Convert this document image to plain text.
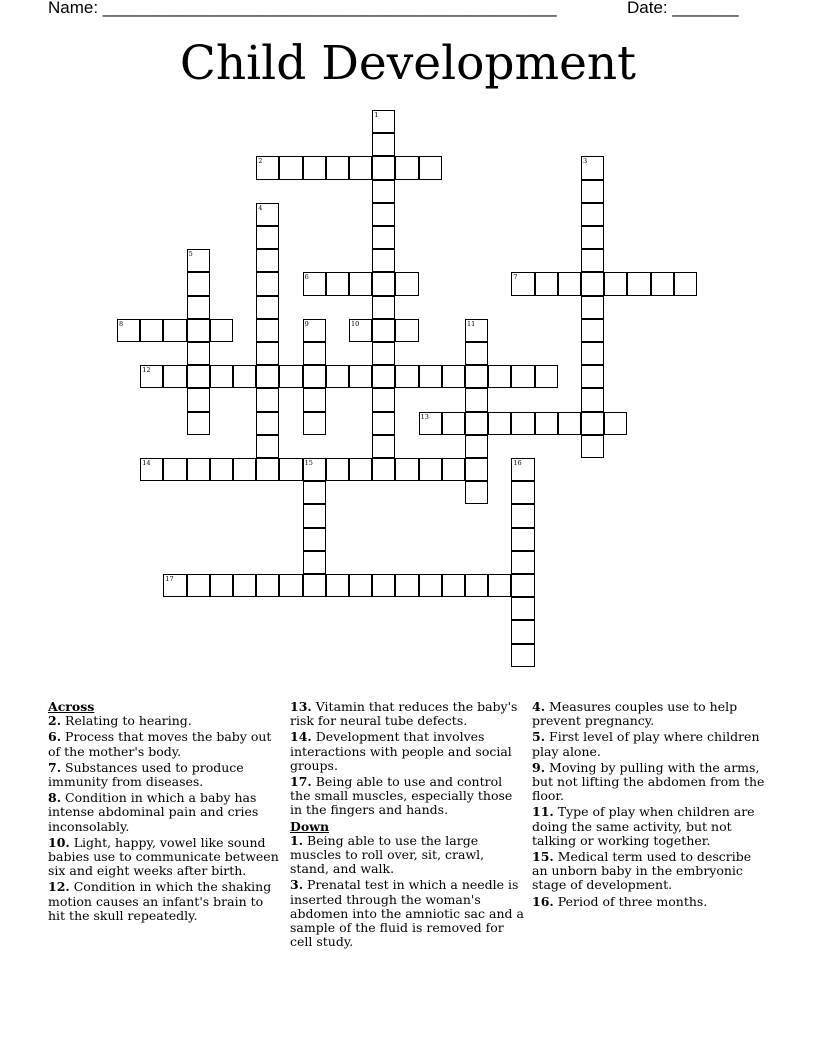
Name: ________________________________________________	Date: _______
Child Development
1
2	3
4
5
6	7
8	9	10	11
12
13
14	15	16
17
Across
2. Relating to hearing.
6. Process that moves the baby out of the mother's body.
7. Substances used to produce immunity from diseases.
8. Condition in which a baby has intense abdominal pain and cries inconsolably.
10. Light, happy, vowel like sound babies use to communicate between six and eight weeks after birth.
12. Condition in which the shaking motion causes an infant's brain to hit the skull repeatedly.
13. Vitamin that reduces the baby's risk for neural tube defects.
14. Development that involves interactions with people and social groups.
17. Being able to use and control the small muscles, especially those in the fingers and hands.
Down
1. Being able to use the large muscles to roll over, sit, crawl, stand, and walk.
3. Prenatal test in which a needle is inserted through the woman's abdomen into the amniotic sac and a sample of the fluid is removed for cell study.
4. Measures couples use to help prevent pregnancy.
5. First level of play where children play alone.
9. Moving by pulling with the arms, but not lifting the abdomen from the floor.
11. Type of play when children are doing the same activity, but not talking or working together.
15. Medical term used to describe an unborn baby in the embryonic stage of development.
16. Period of three months.
